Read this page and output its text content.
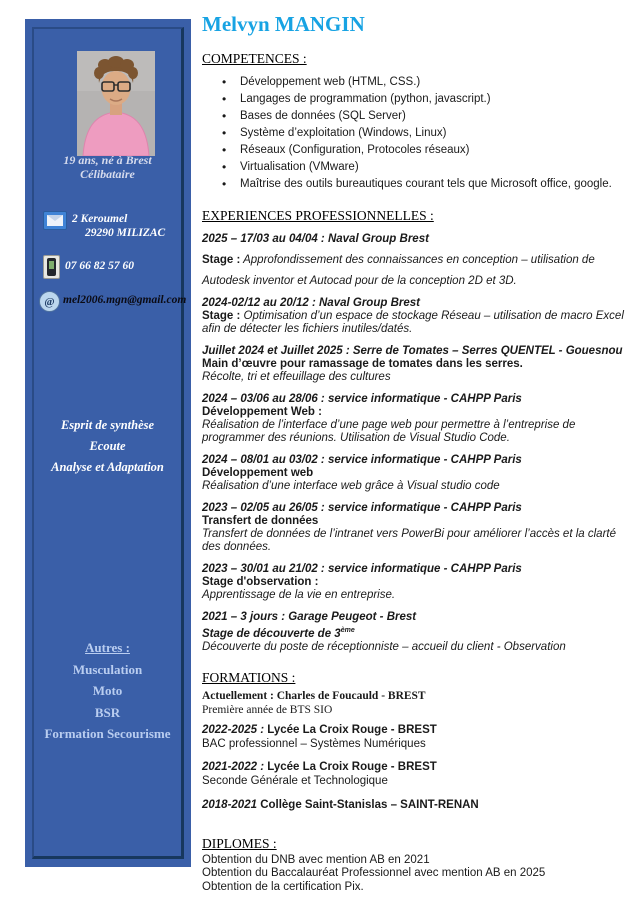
19 ans, né à Brest
Célibataire
2 Keroumel
29290 MILIZAC
07 66 82 57 60
@ mel2006.mgn@gmail.com
Esprit de synthèse
Ecoute
Analyse et Adaptation
Autres :
Musculation
Moto
BSR
Formation Secourisme
Melvyn MANGIN
COMPETENCES :
• Développement web (HTML, CSS.)
• Langages de programmation (python, javascript.)
• Bases de données (SQL Server)
• Système d’exploitation (Windows, Linux)
• Réseaux (Configuration, Protocoles réseaux)
• Virtualisation (VMware)
• Maîtrise des outils bureautiques courant tels que Microsoft office, google.
EXPERIENCES PROFESSIONNELLES :
2025 – 17/03 au 04/04 : Naval Group Brest

Stage : Approfondissement des connaissances en conception – utilisation de

Autodesk inventor et Autocad pour de la conception 2D et 3D.

2024-02/12 au 20/12 : Naval Group Brest

Stage : Optimisation d’un espace de stockage Réseau – utilisation de macro Excel afin de détecter les fichiers inutiles/datés.

Juillet 2024 et Juillet 2025 : Serre de Tomates – Serres QUENTEL - Gouesnou

Main d’œuvre pour ramassage de tomates dans les serres.

Récolte, tri et effeuillage des cultures

2024 – 03/06 au 28/06 : service informatique - CAHPP Paris

Développement Web :

Réalisation de l’interface d’une page web pour permettre à l’entreprise de programmer des réunions. Utilisation de Visual Studio Code.

2024 – 08/01 au 03/02 : service informatique - CAHPP Paris

Développement web

Réalisation d’une interface web grâce à Visual studio code

2023 – 02/05 au 26/05 : service informatique - CAHPP Paris

Transfert de données

Transfert de données de l’intranet vers PowerBi pour améliorer l’accès et la clarté des données.

2023 – 30/01 au 21/02 : service informatique - CAHPP Paris

Stage d'observation :

Apprentissage de la vie en entreprise.

2021 – 3 jours : Garage Peugeot - Brest

Stage de découverte de 3ème

Découverte du poste de réceptionniste – accueil du client - Observation

FORMATIONS :

Actuellement : Charles de Foucauld - BREST

Première année de BTS SIO

2022-2025 : Lycée La Croix Rouge - BREST

BAC professionnel – Systèmes Numériques

2021-2022 : Lycée La Croix Rouge - BREST

Seconde Générale et Technologique

2018-2021 Collège Saint-Stanislas – SAINT-RENAN

DIPLOMES :

Obtention du DNB avec mention AB en 2021

Obtention du Baccalauréat Professionnel avec mention AB en 2025

Obtention de la certification Pix.
